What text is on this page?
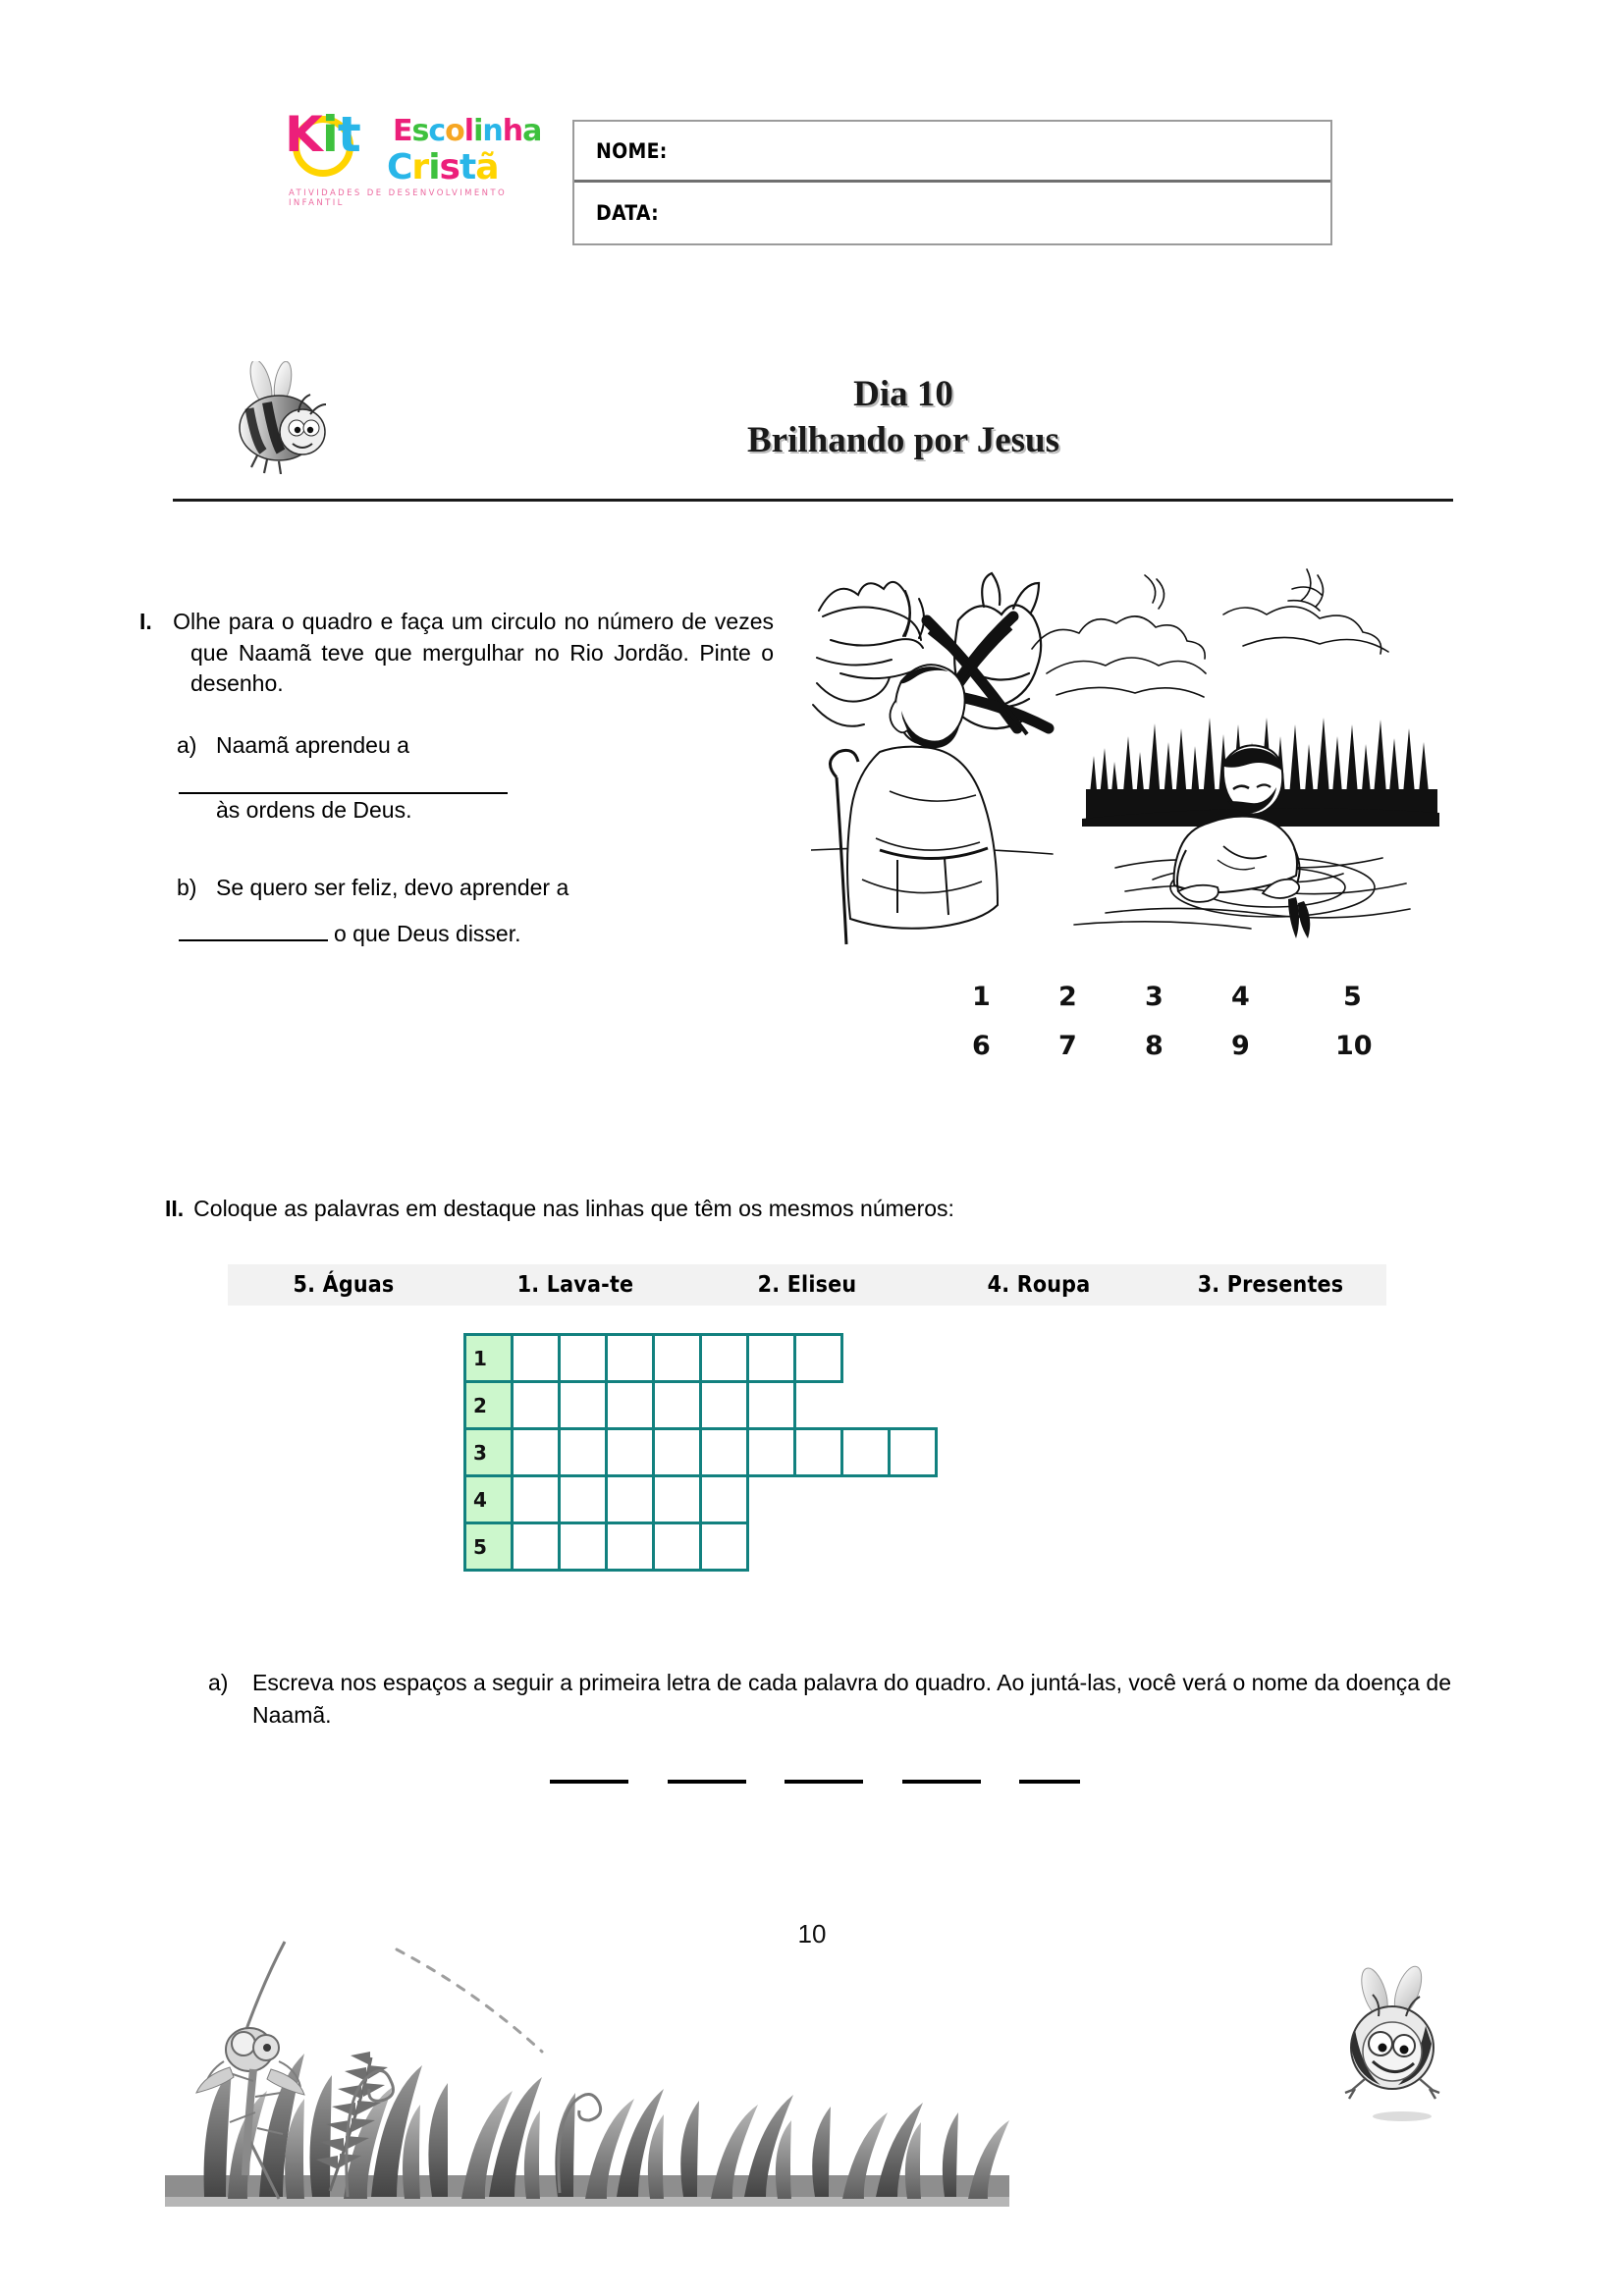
Kit Escolinha
Cristã
ATIVIDADES DE DESENVOLVIMENTO INFANTIL
NOME:
DATA:
Dia 10
Brilhando por Jesus

I. Olhe para o quadro e faça um circulo no número de vezes que Naamã teve que mergulhar no Rio Jordão. Pinte o desenho.

a) Naamã aprendeu a
às ordens de Deus.
b) Se quero ser feliz, devo aprender a
o que Deus disser.
1	2	3	4	5
6	7	8	9	10
II. Coloque as palavras em destaque nas linhas que têm os mesmos números:
5. Águas	1. Lava-te	2. Eliseu	4. Roupa	3. Presentes
1
2
3
4
5
a) Escreva nos espaços a seguir a primeira letra de cada palavra do quadro. Ao juntá-las, você verá o nome da doença de Naamã.
10
